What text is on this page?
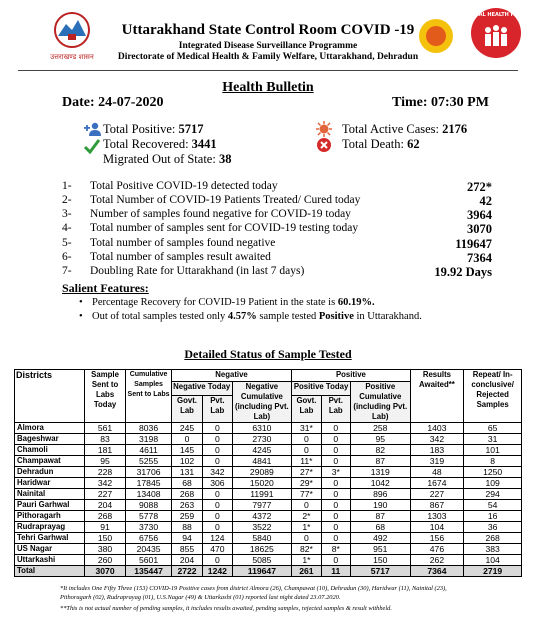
उत्तराखण्ड शासन
Uttarakhand State Control Room COVID -19
Integrated Disease Surveillance Programme
Directorate of Medical Health & Family Welfare, Uttarakhand, Dehradun
NATIONAL HEALTH MISSION
Health Bulletin
Date: 24-07-2020	Time: 07:30 PM
Total Positive: 5717
Total Recovered: 3441
Migrated Out of State: 38
Total Active Cases: 2176
Total Death: 62
1- Total Positive COVID-19 detected today	272*
2- Total Number of COVID-19 Patients Treated/ Cured today	42
3- Number of samples found negative for COVID-19 today	3964
4- Total number of samples sent for COVID-19 testing today	3070
5- Total number of samples found negative	119647
6- Total number of samples result awaited	7364
7- Doubling Rate for Uttarakhand (in last 7 days)	19.92 Days
Salient Features:
• Percentage Recovery for COVID-19 Patient in the state is 60.19%.
• Out of total samples tested only 4.57% sample tested Positive in Uttarakhand.
Detailed Status of Sample Tested
Districts	Sample Sent to Labs Today	Cumulative Samples Sent to Labs	Negative			Positive			Results Awaited**	Repeat/ In-conclusive/ Rejected Samples
			Negative Today		Negative Cumulative (including Pvt. Lab)	Positive Today		Positive Cumulative (including Pvt. Lab)		
			Govt. Lab	Pvt. Lab		Govt. Lab	Pvt. Lab			
Almora	561	8036	245	0	6310	31*	0	258	1403	65
Bageshwar	83	3198	0	0	2730	0	0	95	342	31
Chamoli	181	4611	145	0	4245	0	0	82	183	101
Champawat	95	5255	102	0	4841	11*	0	87	319	8
Dehradun	228	31706	131	342	29089	27*	3*	1319	48	1250
Haridwar	342	17845	68	306	15020	29*	0	1042	1674	109
Nainital	227	13408	268	0	11991	77*	0	896	227	294
Pauri Garhwal	204	9088	263	0	7977	0	0	190	867	54
Pithoragarh	268	5778	259	0	4372	2*	0	87	1303	16
Rudraprayag	91	3730	88	0	3522	1*	0	68	104	36
Tehri Garhwal	150	6756	94	124	5840	0	0	492	156	268
US Nagar	380	20435	855	470	18625	82*	8*	951	476	383
Uttarkashi	260	5601	204	0	5085	1*	0	150	262	104
Total	3070	135447	2722	1242	119647	261	11	5717	7364	2719
*It includes One Fifty Three (153) COVID-19 Positive cases from district Almora (26), Champawat (10), Dehradun (30), Haridwar (11), Nainital (23),
Pithoragarh (02), Rudraprayag (01), U.S.Nagar (49) & Uttarkashi (01) reported last night dated 23.07.2020.
**This is not actual number of pending samples, it includes results awaited, pending samples, rejected samples & result withheld.
